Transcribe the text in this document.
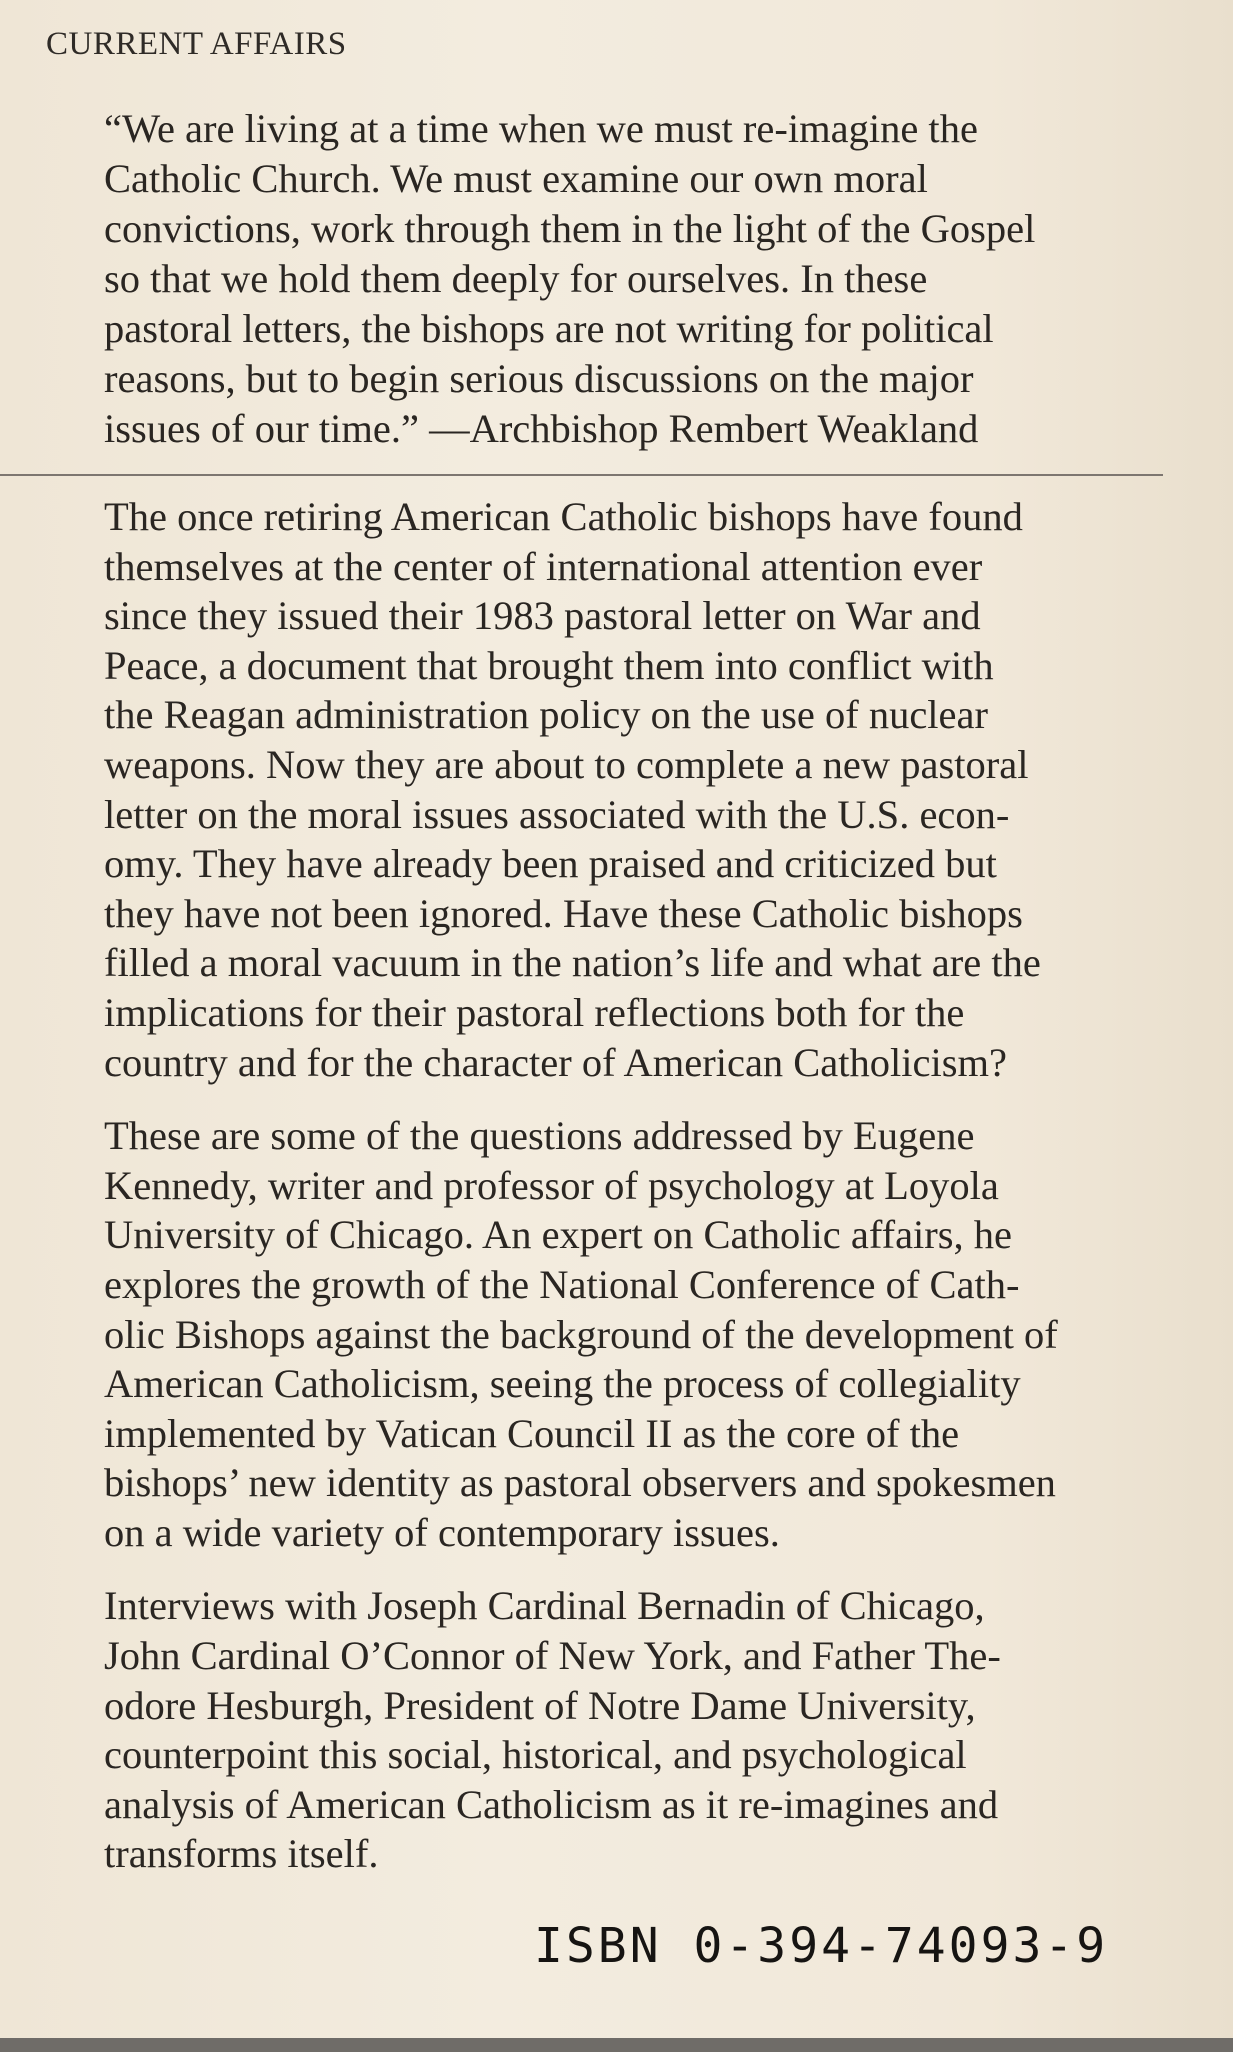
CURRENT AFFAIRS

“We are living at a time when we must re-imagine the
Catholic Church. We must examine our own moral
convictions, work through them in the light of the Gospel
so that we hold them deeply for ourselves. In these
pastoral letters, the bishops are not writing for political
reasons, but to begin serious discussions on the major
issues of our time.” —Archbishop Rembert Weakland

The once retiring American Catholic bishops have found
themselves at the center of international attention ever
since they issued their 1983 pastoral letter on War and
Peace, a document that brought them into conflict with
the Reagan administration policy on the use of nuclear
weapons. Now they are about to complete a new pastoral
letter on the moral issues associated with the U.S. econ-
omy. They have already been praised and criticized but
they have not been ignored. Have these Catholic bishops
filled a moral vacuum in the nation’s life and what are the
implications for their pastoral reflections both for the
country and for the character of American Catholicism?

These are some of the questions addressed by Eugene
Kennedy, writer and professor of psychology at Loyola
University of Chicago. An expert on Catholic affairs, he
explores the growth of the National Conference of Cath-
olic Bishops against the background of the development of
American Catholicism, seeing the process of collegiality
implemented by Vatican Council II as the core of the
bishops’ new identity as pastoral observers and spokesmen
on a wide variety of contemporary issues.

Interviews with Joseph Cardinal Bernadin of Chicago,
John Cardinal O’Connor of New York, and Father The-
odore Hesburgh, President of Notre Dame University,
counterpoint this social, historical, and psychological
analysis of American Catholicism as it re-imagines and
transforms itself.

ISBN 0-394-74093-9
